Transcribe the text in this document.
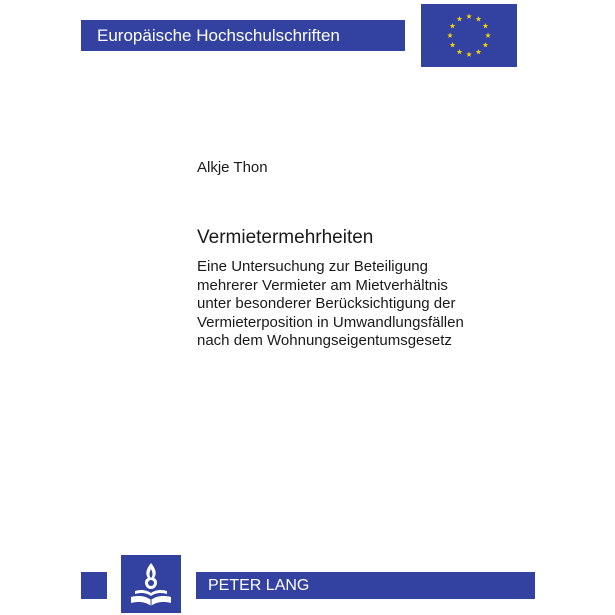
Europäische Hochschulschriften
Alkje Thon
Vermietermehrheiten
Eine Untersuchung zur Beteiligung
mehrerer Vermieter am Mietverhältnis
unter besonderer Berücksichtigung der
Vermieterposition in Umwandlungsfällen
nach dem Wohnungseigentumsgesetz
PETER LANG
